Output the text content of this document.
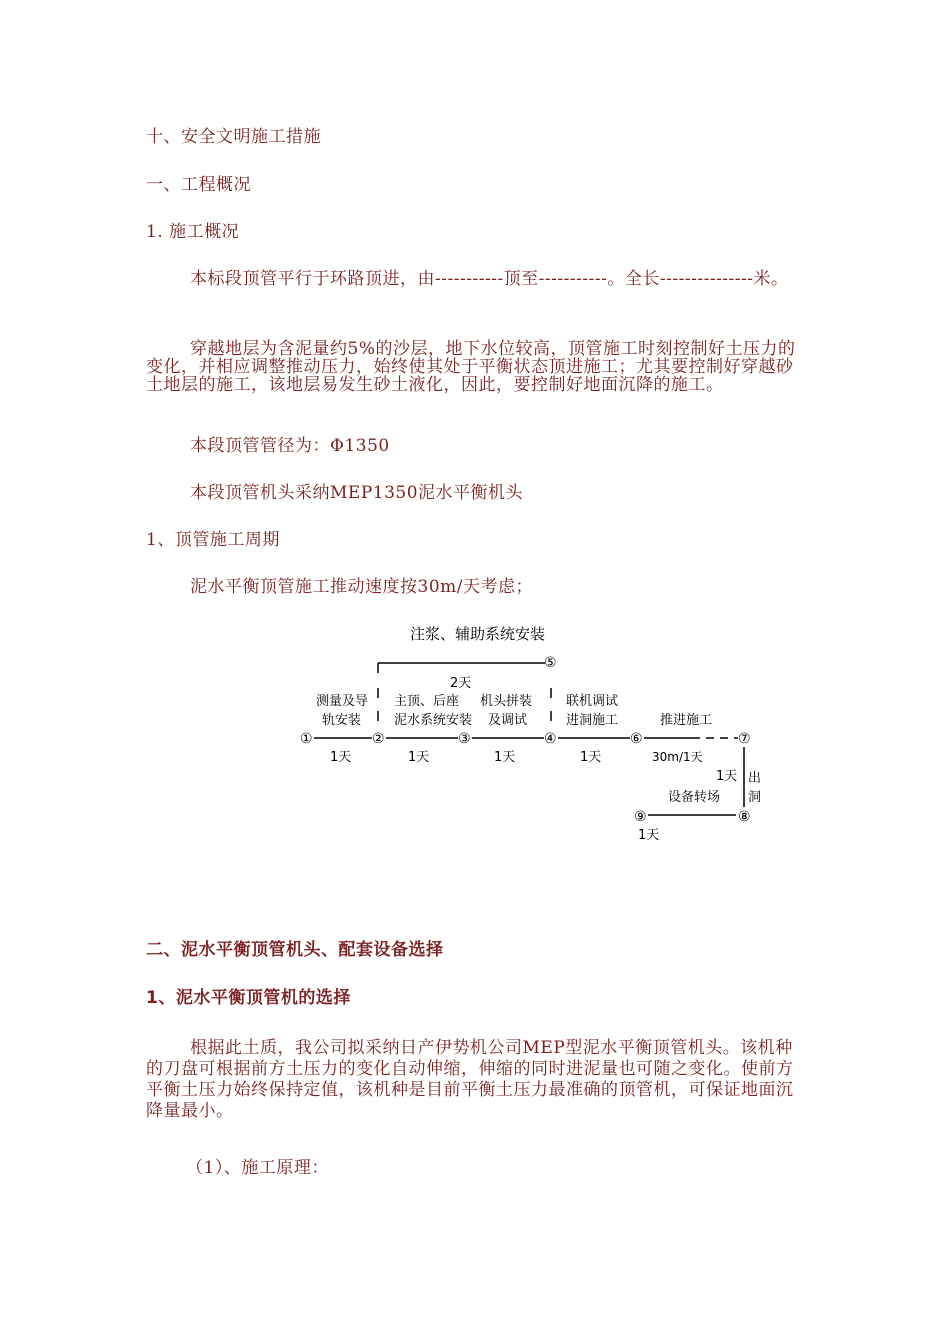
十、安全文明施工措施
一、工程概况
1. 施工概况
本标段顶管平行于环路顶进，由-----------顶至-----------。全长---------------米。
穿越地层为含泥量约5%的沙层，地下水位较高，顶管施工时刻控制好土压力的变化，并相应调整推动压力，始终使其处于平衡状态顶进施工；尤其要控制好穿越砂土地层的施工，该地层易发生砂土液化，因此，要控制好地面沉降的施工。
本段顶管管径为：Φ1350
本段顶管机头采纳MEP1350泥水平衡机头
1、顶管施工周期
泥水平衡顶管施工推动速度按30m/天考虑；
注浆、辅助系统安装
⑤
①	②	③	④	⑥	⑦
⑧
⑨
2天
测量及导
轨安装
主顶、后座
泥水系统安装
机头拼装
及调试
联机调试
进洞施工	推进施工
出
洞
设备转场
1天	1天	1天	1天	30m/1天
1天
1天
二、泥水平衡顶管机头、配套设备选择
1、泥水平衡顶管机的选择
根据此土质，我公司拟采纳日产伊势机公司MEP型泥水平衡顶管机头。该机种的刀盘可根据前方土压力的变化自动伸缩，伸缩的同时进泥量也可随之变化。使前方平衡土压力始终保持定值，该机种是目前平衡土压力最准确的顶管机，可保证地面沉降量最小。
（1）、施工原理：
